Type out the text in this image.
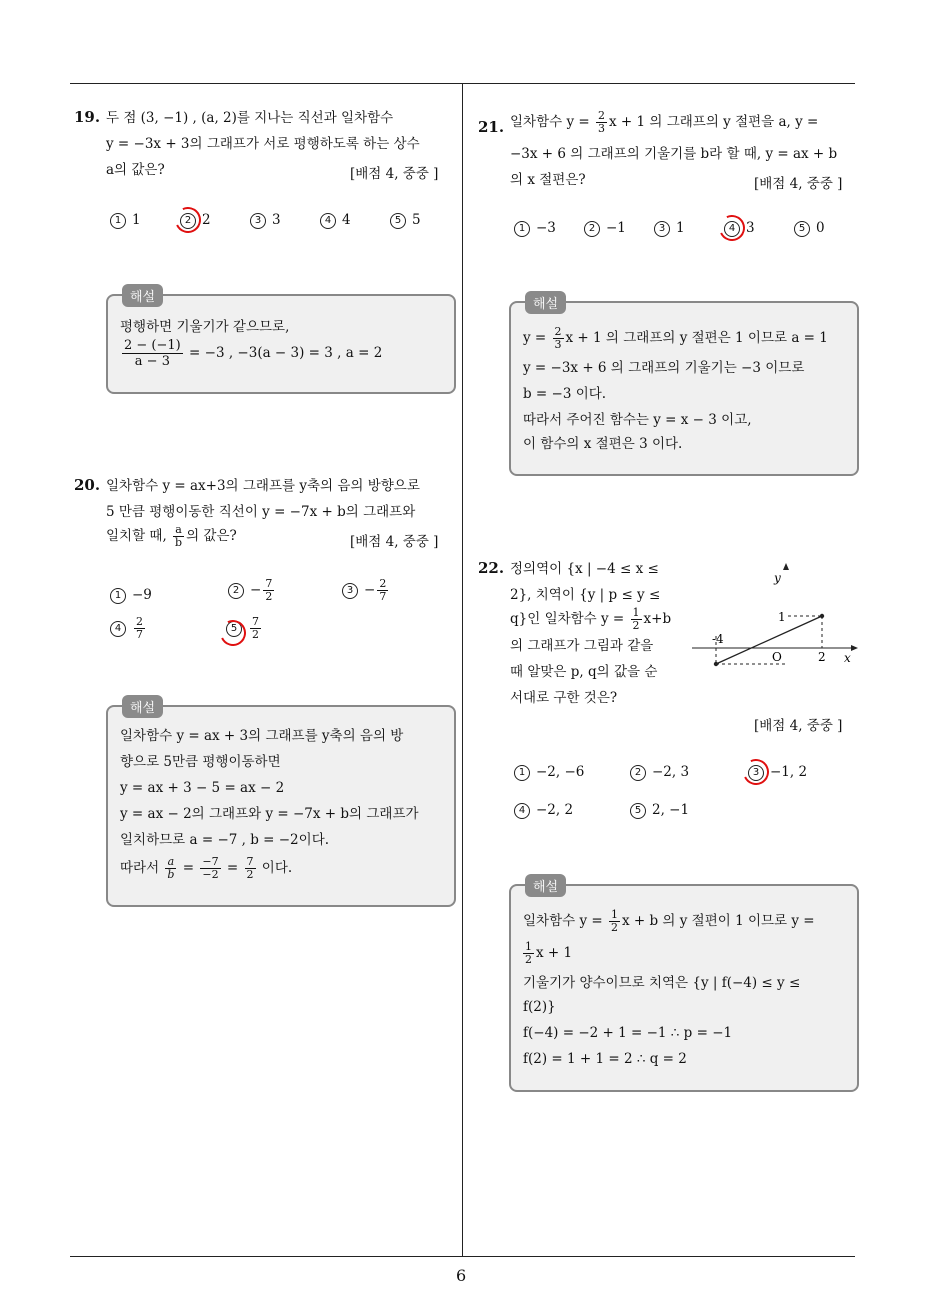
6
19. 두 점 (3, −1) , (a, 2)를 지나는 직선과 일차함수
y = −3x + 3의 그래프가 서로 평행하도록 하는 상수
a의 값은?	[배점 4, 중중 ]
1 1	2 2	3 3	4 4	5 5
해설
평행하면 기울기가 같으므로,
$\frac{2 - (-1)}{a - 3} = -3$ , −3(a − 3) = 3 , a = 2
20. 일차함수 y = ax+3의 그래프를 y축의 음의 방향으로
5 만큼 평행이동한 직선이 y = −7x + b의 그래프와
일치할 때, $\frac{a}{b}$ 의 값은?	[배점 4, 중중 ]
1 −9	$2 - \frac{7}{2}$	$3 - \frac{2}{7}$
$4 \frac{2}{7}$	$5 \frac{7}{2}$
해설
일차함수 y = ax + 3의 그래프를 y축의 음의 방
향으로 5만큼 평행이동하면
y = ax + 3 − 5 = ax − 2
y = ax − 2의 그래프와 y = −7x + b의 그래프가
일치하므로 a = −7 , b = −2이다.
따라서 $\frac{a}{b} = \frac{-7}{-2} = \frac{7}{2}$ 이다.
21. 일차함수 $y = \frac{2}{3}$ x + 1 의 그래프의 y 절편을 a, y =
−3x + 6 의 그래프의 기울기를 b라 할 때, y = ax + b
의 x 절편은?	[배점 4, 중중 ]
1 −3	2 −1	3 1	4 3	5 0
해설
$y = \frac{2}{3}$ x + 1 의 그래프의 y 절편은 1 이므로 a = 1
y = −3x + 6 의 그래프의 기울기는 −3 이므로
b = −3 이다.
따라서 주어진 함수는 y = x − 3 이고,
이 함수의 x 절편은 3 이다.
22. 정의역이 {x | −4 ≤ x ≤
2}, 치역이 {y | p ≤ y ≤
q}인 일차함수 $y = \frac{1}{2} x+b$
의 그래프가 그림과 같을
때 알맞은 p, q의 값을 순
서대로 구한 것은?
[배점 4, 중중 ]
y
1
-4
O	2 x
1 −2, −6	2 −2, 3	3 −1, 2
4 −2, 2	5 2, −1
해설
일차함수 $y = \frac{1}{2}$ x + b 의 y 절편이 1 이므로 y =
$\frac{1}{2}$ x + 1
기울기가 양수이므로 치역은 {y | f(−4) ≤ y ≤
f(2)}
f(−4) = −2 + 1 = −1 ∴ p = −1
f(2) = 1 + 1 = 2 ∴ q = 2
